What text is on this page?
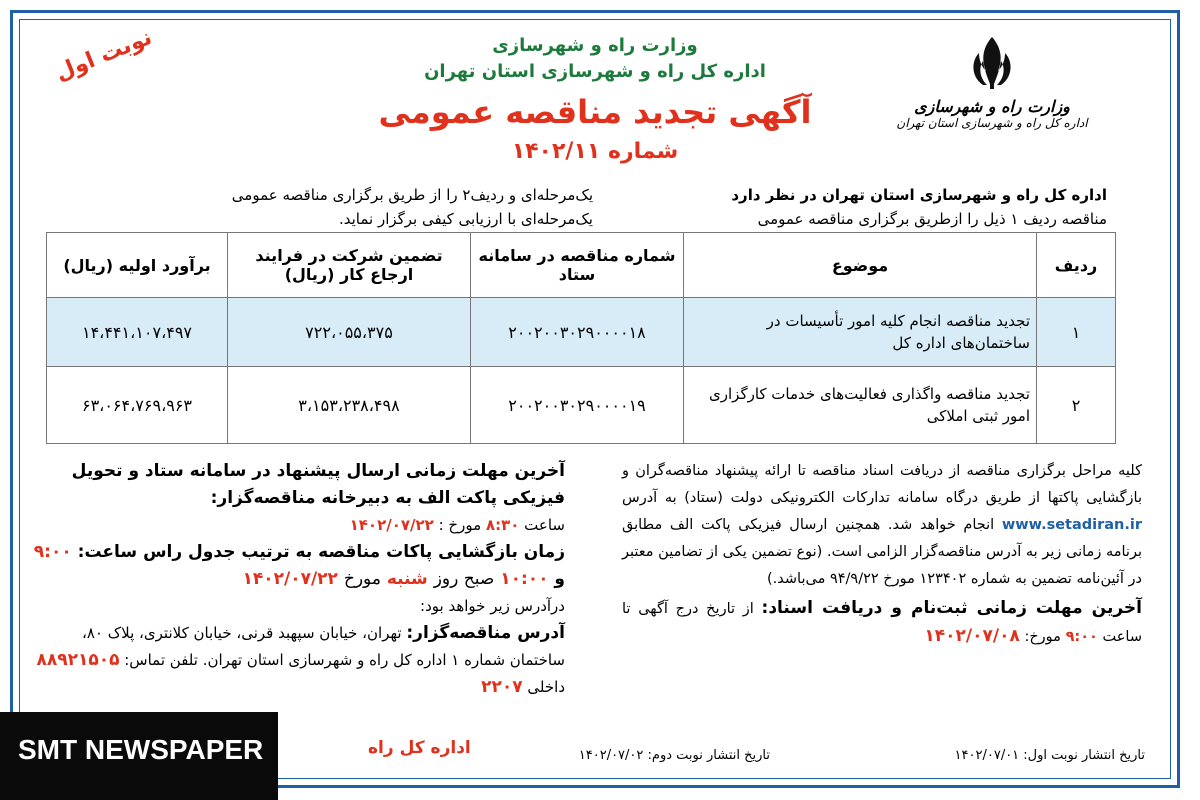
وزارت راه و شهرسازی
اداره کل راه و شهرسازی استان تهران
آگهی تجدید مناقصه عمومی
شماره ۱۴۰۲/۱۱
نوبت اول
وزارت راه و شهرسازی
اداره کل راه و شهرسازی استان تهران
اداره کل راه و شهرسازی استان تهران در نظر دارد
مناقصه ردیف ۱ ذیل را ازطریق برگزاری مناقصه عمومی
یک‌مرحله‌ای و ردیف۲ را از طریق برگزاری مناقصه عمومی
یک‌مرحله‌ای با ارزیابی کیفی برگزار نماید.
ردیف	موضوع	شماره مناقصه در سامانه ستاد	تضمین شرکت در فرایند ارجاع کار (ریال)	برآورد اولیه (ریال)
۱	تجدید مناقصه انجام کلیه امور تأسیسات در ساختمان‌های اداره کل	۲۰۰۲۰۰۳۰۲۹۰۰۰۰۱۸	۷۲۲،۰۵۵،۳۷۵	۱۴،۴۴۱،۱۰۷،۴۹۷
۲	تجدید مناقصه واگذاری فعالیت‌های خدمات کارگزاری امور ثبتی املاکی	۲۰۰۲۰۰۳۰۲۹۰۰۰۰۱۹	۳،۱۵۳،۲۳۸،۴۹۸	۶۳،۰۶۴،۷۶۹،۹۶۳
کلیه مراحل برگزاری مناقصه از دریافت اسناد مناقصه تا ارائه پیشنهاد مناقصه‌گران و بازگشایی پاکتها از طریق درگاه سامانه تدارکات الکترونیکی دولت (ستاد) به آدرس www.setadiran.ir انجام خواهد شد. همچنین ارسال فیزیکی پاکت الف مطابق برنامه زمانی زیر به آدرس مناقصه‌گزار الزامی است. (نوع تضمین یکی از تضامین معتبر در آئین‌نامه تضمین به شماره ۱۲۳۴۰۲ مورخ ۹۴/۹/۲۲ می‌باشد.)
آخرین مهلت زمانی ثبت‌نام و دریافت اسناد: از تاریخ درج آگهی تا ساعت ۹:۰۰ مورخ: ۱۴۰۲/۰۷/۰۸
آخرین مهلت زمانی ارسال پیشنهاد در سامانه ستاد و تحویل فیزیکی پاکت الف به دبیرخانه مناقصه‌گزار:
ساعت ۸:۳۰ مورخ : ۱۴۰۲/۰۷/۲۲
زمان بازگشایی پاکات مناقصه به ترتیب جدول راس ساعت: ۹:۰۰ و ۱۰:۰۰ صبح روز شنبه مورخ ۱۴۰۲/۰۷/۲۲
درآدرس زیر خواهد بود:
آدرس مناقصه‌گزار: تهران، خیابان سپهبد قرنی، خیابان کلانتری، پلاک ۸۰، ساختمان شماره ۱ اداره کل راه و شهرسازی استان تهران. تلفن تماس: ۸۸۹۲۱۵۰۵ داخلی ۲۲۰۷
تاریخ انتشار نوبت اول: ۱۴۰۲/۰۷/۰۱
تاریخ انتشار نوبت دوم: ۱۴۰۲/۰۷/۰۲
اداره کل راه
SMT NEWSPAPER
